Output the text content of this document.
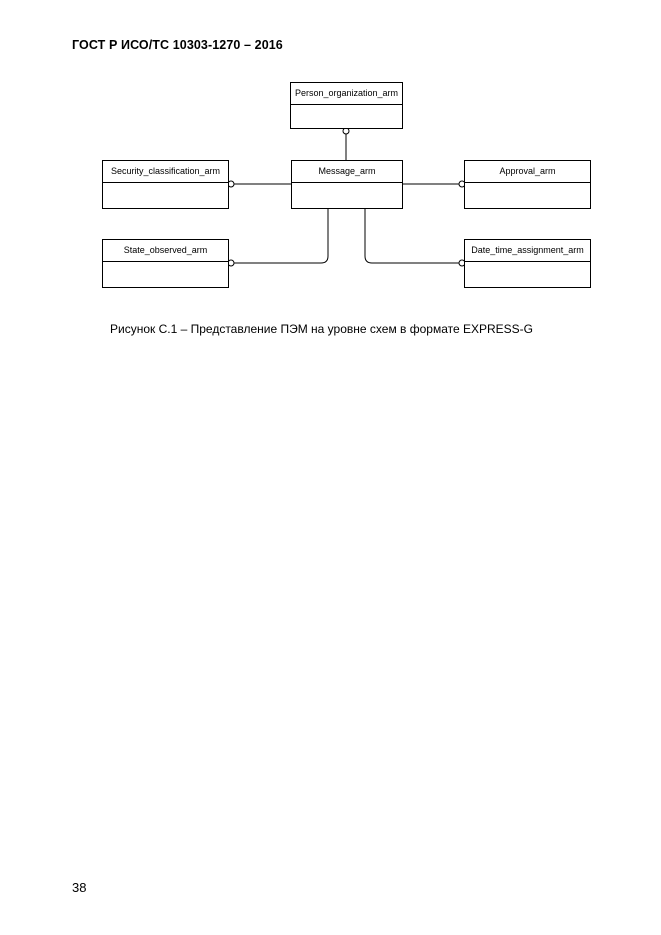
ГОСТ Р ИСО/ТС 10303-1270 – 2016
Person_organization_arm
Security_classification_arm	Message_arm	Approval_arm
State_observed_arm	Date_time_assignment_arm
Рисунок С.1 – Представление ПЭМ на уровне схем в формате EXPRESS-G
38
